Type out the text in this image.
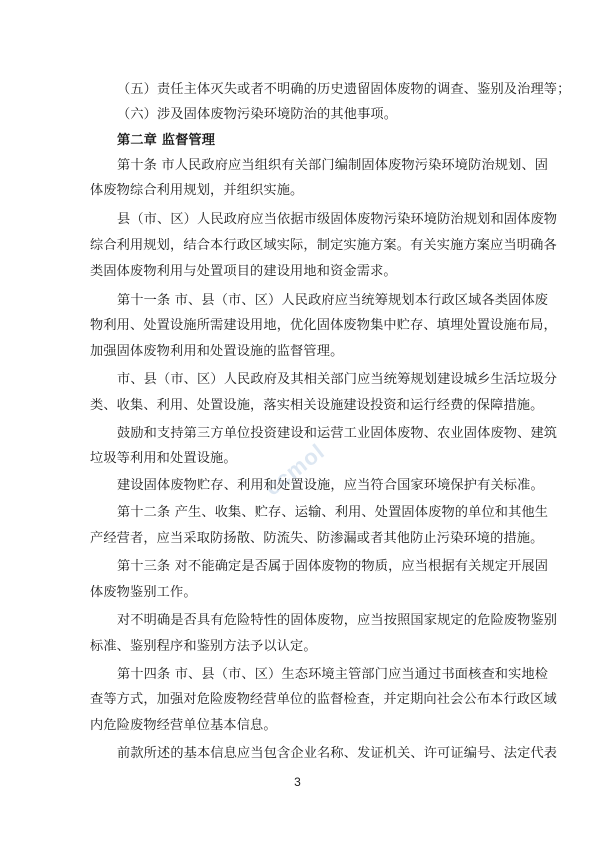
（五）责任主体灭失或者不明确的历史遗留固体废物的调查、鉴别及治理等；
（六）涉及固体废物污染环境防治的其他事项。
第二章 监督管理
第十条 市人民政府应当组织有关部门编制固体废物污染环境防治规划、固
体废物综合利用规划，并组织实施。
县（市、区）人民政府应当依据市级固体废物污染环境防治规划和固体废物
综合利用规划，结合本行政区域实际，制定实施方案。有关实施方案应当明确各
类固体废物利用与处置项目的建设用地和资金需求。
第十一条 市、县（市、区）人民政府应当统筹规划本行政区域各类固体废
物利用、处置设施所需建设用地，优化固体废物集中贮存、填埋处置设施布局，
加强固体废物利用和处置设施的监督管理。
市、县（市、区）人民政府及其相关部门应当统筹规划建设城乡生活垃圾分
类、收集、利用、处置设施，落实相关设施建设投资和运行经费的保障措施。
鼓励和支持第三方单位投资建设和运营工业固体废物、农业固体废物、建筑
垃圾等利用和处置设施。
建设固体废物贮存、利用和处置设施，应当符合国家环境保护有关标准。
第十二条 产生、收集、贮存、运输、利用、处置固体废物的单位和其他生
产经营者，应当采取防扬散、防流失、防渗漏或者其他防止污染环境的措施。
第十三条 对不能确定是否属于固体废物的物质，应当根据有关规定开展固
体废物鉴别工作。
对不明确是否具有危险特性的固体废物，应当按照国家规定的危险废物鉴别
标准、鉴别程序和鉴别方法予以认定。
第十四条 市、县（市、区）生态环境主管部门应当通过书面核查和实地检
查等方式，加强对危险废物经营单位的监督检查，并定期向社会公布本行政区域
内危险废物经营单位基本信息。
前款所述的基本信息应当包含企业名称、发证机关、许可证编号、法定代表
ccmol
3
